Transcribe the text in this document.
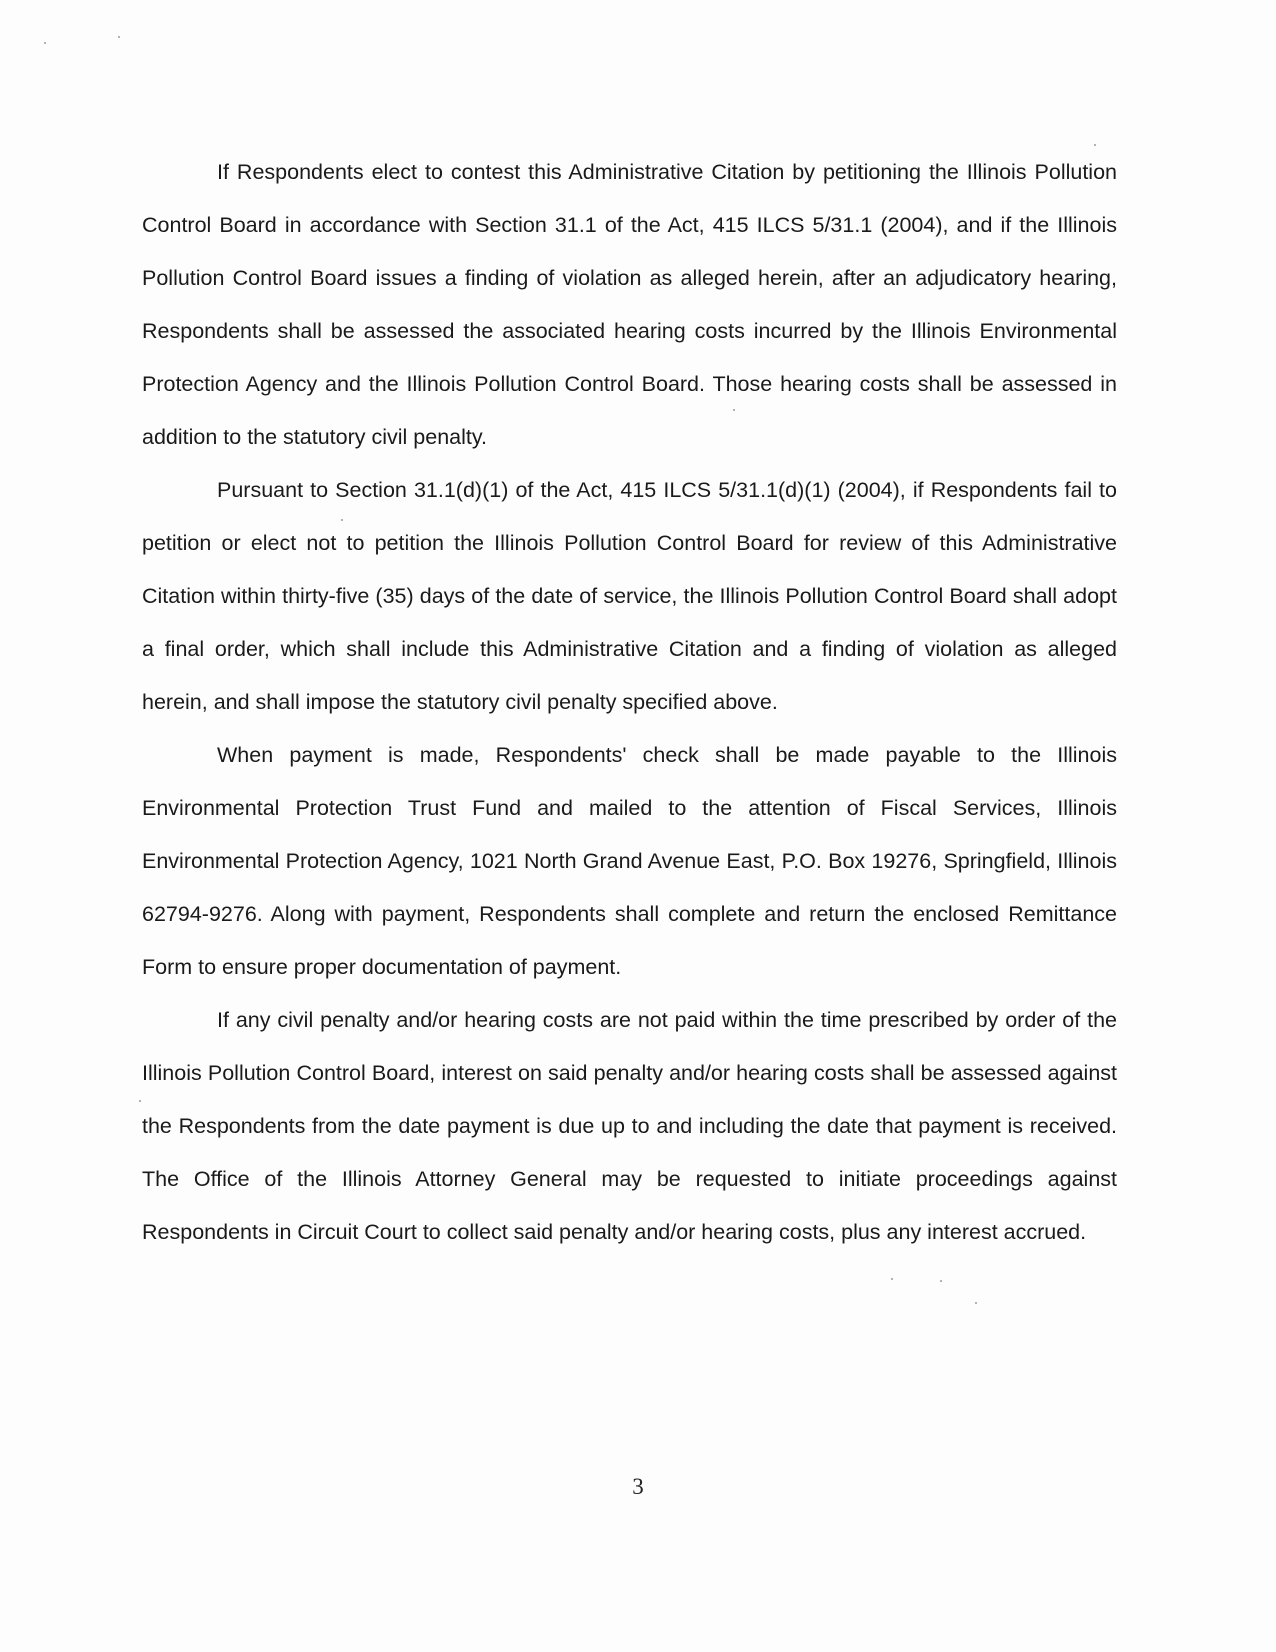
If Respondents elect to contest this Administrative Citation by petitioning the Illinois Pollution Control Board in accordance with Section 31.1 of the Act, 415 ILCS 5/31.1 (2004), and if the Illinois Pollution Control Board issues a finding of violation as alleged herein, after an adjudicatory hearing, Respondents shall be assessed the associated hearing costs incurred by the Illinois Environmental Protection Agency and the Illinois Pollution Control Board. Those hearing costs shall be assessed in addition to the statutory civil penalty.

Pursuant to Section 31.1(d)(1) of the Act, 415 ILCS 5/31.1(d)(1) (2004), if Respondents fail to petition or elect not to petition the Illinois Pollution Control Board for review of this Administrative Citation within thirty-five (35) days of the date of service, the Illinois Pollution Control Board shall adopt a final order, which shall include this Administrative Citation and a finding of violation as alleged herein, and shall impose the statutory civil penalty specified above.

When payment is made, Respondents' check shall be made payable to the Illinois Environmental Protection Trust Fund and mailed to the attention of Fiscal Services, Illinois Environmental Protection Agency, 1021 North Grand Avenue East, P.O. Box 19276, Springfield, Illinois 62794-9276. Along with payment, Respondents shall complete and return the enclosed Remittance Form to ensure proper documentation of payment.

If any civil penalty and/or hearing costs are not paid within the time prescribed by order of the Illinois Pollution Control Board, interest on said penalty and/or hearing costs shall be assessed against the Respondents from the date payment is due up to and including the date that payment is received. The Office of the Illinois Attorney General may be requested to initiate proceedings against Respondents in Circuit Court to collect said penalty and/or hearing costs, plus any interest accrued.

3
